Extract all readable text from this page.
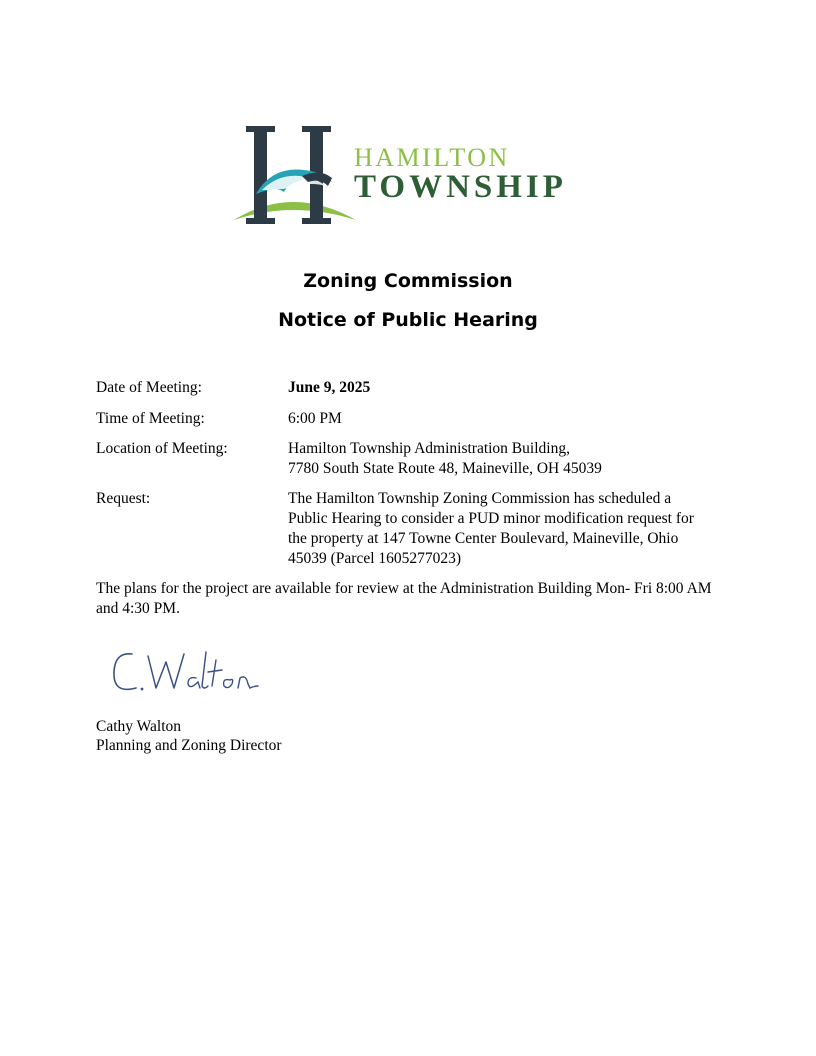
HAMILTON
TOWNSHIP
Zoning Commission
Notice of Public Hearing
Date of Meeting:	June 9, 2025
Time of Meeting:	6:00 PM
Location of Meeting:	Hamilton Township Administration Building,
7780 South State Route 48, Maineville, OH 45039
Request:	The Hamilton Township Zoning Commission has scheduled a
Public Hearing to consider a PUD minor modification request for
the property at 147 Towne Center Boulevard, Maineville, Ohio
45039 (Parcel 1605277023)
The plans for the project are available for review at the Administration Building Mon- Fri 8:00 AM and 4:30 PM.
Cathy Walton
Planning and Zoning Director
